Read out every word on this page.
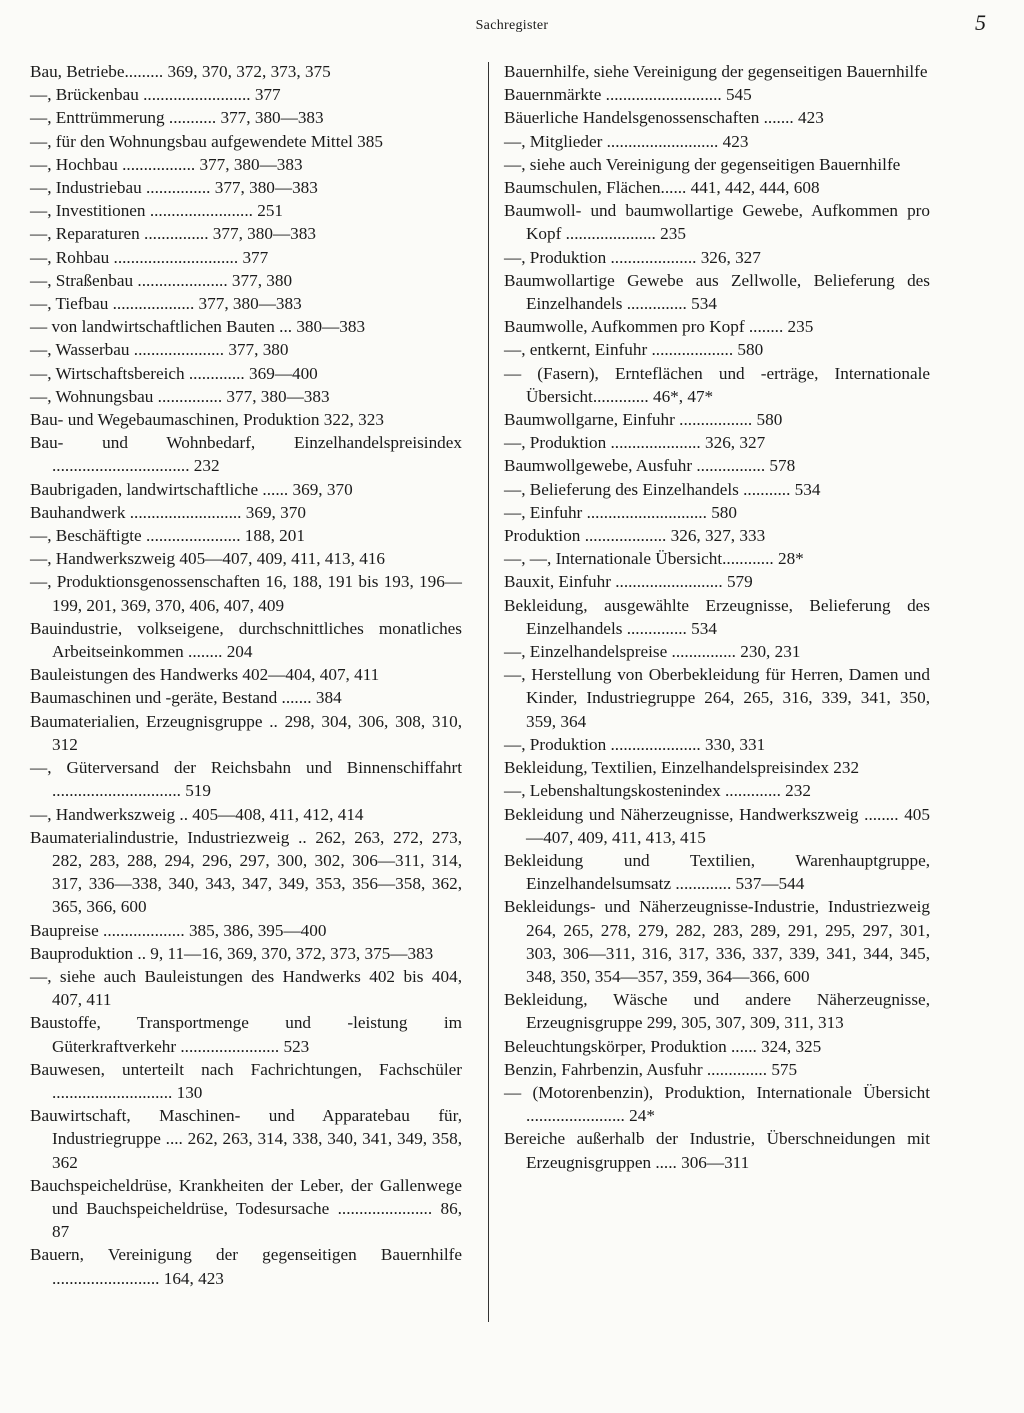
Sachregister	5

Bau, Betriebe......... 369, 370, 372, 373, 375

—, Brückenbau ......................... 377

—, Enttrümmerung ........... 377, 380—383

—, für den Wohnungsbau aufgewendete Mittel 385

—, Hochbau ................. 377, 380—383

—, Industriebau ............... 377, 380—383

—, Investitionen ........................ 251

—, Reparaturen ............... 377, 380—383

—, Rohbau ............................. 377

—, Straßenbau ..................... 377, 380

—, Tiefbau ................... 377, 380—383

— von landwirtschaftlichen Bauten ... 380—383

—, Wasserbau ..................... 377, 380

—, Wirtschaftsbereich ............. 369—400

—, Wohnungsbau ............... 377, 380—383

Bau- und Wegebaumaschinen, Produktion 322, 323

Bau- und Wohnbedarf, Einzelhandelspreisindex ................................ 232

Baubrigaden, landwirtschaftliche ...... 369, 370

Bauhandwerk .......................... 369, 370

—, Beschäftigte ...................... 188, 201

—, Handwerkszweig 405—407, 409, 411, 413, 416

—, Produktionsgenossenschaften 16, 188, 191 bis 193, 196—199, 201, 369, 370, 406, 407, 409

Bauindustrie, volkseigene, durchschnittliches monatliches Arbeitseinkommen ........ 204

Bauleistungen des Handwerks 402—404, 407, 411

Baumaschinen und -geräte, Bestand ....... 384

Baumaterialien, Erzeugnisgruppe .. 298, 304, 306, 308, 310, 312

—, Güterversand der Reichsbahn und Binnenschiffahrt .............................. 519

—, Handwerkszweig .. 405—408, 411, 412, 414

Baumaterialindustrie, Industriezweig .. 262, 263, 272, 273, 282, 283, 288, 294, 296, 297, 300, 302, 306—311, 314, 317, 336—338, 340, 343, 347, 349, 353, 356—358, 362, 365, 366, 600

Baupreise ................... 385, 386, 395—400

Bauproduktion .. 9, 11—16, 369, 370, 372, 373, 375—383

—, siehe auch Bauleistungen des Handwerks 402 bis 404, 407, 411

Baustoffe, Transportmenge und -leistung im Güterkraftverkehr ....................... 523

Bauwesen, unterteilt nach Fachrichtungen, Fachschüler ............................ 130

Bauwirtschaft, Maschinen- und Apparatebau für, Industriegruppe .... 262, 263, 314, 338, 340, 341, 349, 358, 362

Bauchspeicheldrüse, Krankheiten der Leber, der Gallenwege und Bauchspeicheldrüse, Todesursache ...................... 86, 87

Bauern, Vereinigung der gegenseitigen Bauernhilfe ......................... 164, 423

Bauernhilfe, siehe Vereinigung der gegenseitigen Bauernhilfe

Bauernmärkte ........................... 545

Bäuerliche Handelsgenossenschaften ....... 423

—, Mitglieder .......................... 423

—, siehe auch Vereinigung der gegenseitigen Bauernhilfe

Baumschulen, Flächen...... 441, 442, 444, 608

Baumwoll- und baumwollartige Gewebe, Aufkommen pro Kopf ..................... 235

—, Produktion .................... 326, 327

Baumwollartige Gewebe aus Zellwolle, Belieferung des Einzelhandels .............. 534

Baumwolle, Aufkommen pro Kopf ........ 235

—, entkernt, Einfuhr ................... 580

— (Fasern), Ernteflächen und -erträge, Internationale Übersicht............. 46*, 47*

Baumwollgarne, Einfuhr ................. 580

—, Produktion ..................... 326, 327

Baumwollgewebe, Ausfuhr ................ 578

—, Belieferung des Einzelhandels ........... 534

—, Einfuhr ............................ 580

Produktion ................... 326, 327, 333

—, —, Internationale Übersicht............ 28*

Bauxit, Einfuhr ......................... 579

Bekleidung, ausgewählte Erzeugnisse, Belieferung des Einzelhandels .............. 534

—, Einzelhandelspreise ............... 230, 231

—, Herstellung von Oberbekleidung für Herren, Damen und Kinder, Industriegruppe 264, 265, 316, 339, 341, 350, 359, 364

—, Produktion ..................... 330, 331

Bekleidung, Textilien, Einzelhandelspreisindex 232

—, Lebenshaltungskostenindex ............. 232

Bekleidung und Näherzeugnisse, Handwerkszweig ........ 405—407, 409, 411, 413, 415

Bekleidung und Textilien, Warenhauptgruppe, Einzelhandelsumsatz ............. 537—544

Bekleidungs- und Näherzeugnisse-Industrie, Industriezweig 264, 265, 278, 279, 282, 283, 289, 291, 295, 297, 301, 303, 306—311, 316, 317, 336, 337, 339, 341, 344, 345, 348, 350, 354—357, 359, 364—366, 600

Bekleidung, Wäsche und andere Näherzeugnisse, Erzeugnisgruppe 299, 305, 307, 309, 311, 313

Beleuchtungskörper, Produktion ...... 324, 325

Benzin, Fahrbenzin, Ausfuhr .............. 575

— (Motorenbenzin), Produktion, Internationale Übersicht ....................... 24*

Bereiche außerhalb der Industrie, Überschneidungen mit Erzeugnisgruppen ..... 306—311
